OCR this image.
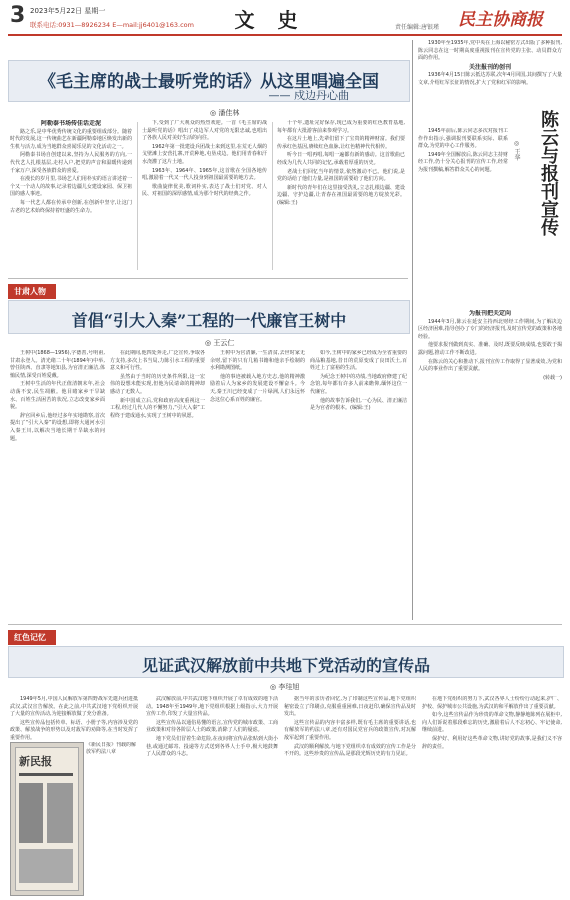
3 2023年5月22日 星期一
联系电话:0931—8926234 E—mail:jj6401@163.com	文 史	责任编辑:唐银瑾 民主协商报
《毛主席的战士最听党的话》从这里唱遍全国
—— 戍边丹心曲
◎ 潘佳林

阿勒泰书场传佳话走泥

路之乐,是中华优秀传统文化的重要组成部分。随着时代的发展,这一传统曲艺在新疆阿勒泰地区焕发出新的生机与活力,成为当地群众喜闻乐见的文化活动之一。

阿勒泰书场自创建以来,坚持为人民服务的方向,一代代艺人扎根基层,走村入户,把党的声音和温暖传递到千家万户,深受各族群众的喜爱。

在漫长的岁月里,书场艺人们用朴实的语言讲述着一个又一个动人的故事,记录着边疆儿女建设家园、保卫祖国的感人事迹。

每一代艺人都在传承中创新,在创新中坚守,让这门古老的艺术始终保持着旺盛的生命力。

下,受到了广大观众的热烈欢迎。一首《毛主席的战士最听党的话》唱出了戍边军人对党的无限忠诚,也唱出了各族人民对美好生活的向往。

1962年第一批建设兵团战士来到这里,在荒无人烟的戈壁滩上安营扎寨,开荒种地,屯垦戍边。他们用青春和汗水浇灌了这片土地。

1963年、1964年、1965年,这首歌在全国各地传唱,激励着一代又一代人投身到祖国最需要的地方去。

歌曲旋律优美,歌词朴实,表达了战士们对党、对人民、对祖国的深厚感情,成为那个时代的经典之作。

十个年,遗址完好保存,现已成为重要的红色教育基地,每年都有大批游客前来参观学习。

在这片土地上,先辈们留下了宝贵的精神财富。我们要传承红色基因,赓续红色血脉,让红色精神代代相传。

听今日一唱再唱,每唱一遍都有新的感动。这首歌曲已经成为几代人共同的记忆,承载着厚重的历史。

老战士们回忆当年的情景,依然激动不已。他们说,是党的话给了他们力量,是祖国的需要给了他们方向。

新时代的青年们在这里接受洗礼,立志扎根边疆、建设边疆、守护边疆,让青春在祖国最需要的地方绽放光彩。(编辑:王)

1930年至1935年,党中央在上海以秘密方式出版了多种报刊,陈云同志在这一时期高度重视报刊在宣传党的主张、动员群众方面的作用。

关注报刊的创刊

1936年4月15日陈云抵达苏联,次年4月回国,其间撰写了大量文章,介绍红军长征的情况,扩大了党和红军的影响。

陈云与报刊宣传
◎ 王华

1945年前后,陈云同志多次对报刊工作作出指示,强调报刊要联系实际、联系群众,为党的中心工作服务。

1949年全国解放后,陈云同志主持财经工作,仍十分关心报刊的宣传工作,经常为报刊撰稿,解答群众关心的问题。

为报刊把关定向

1944年3月,陈云在延安主持西北财经工作期间,为了解决边区经济困难,指导创办了专门的经济报刊,及时宣传党的政策和各地经验。

他要求报刊做到真实、准确、及时,既要反映成绩,也要敢于揭露问题,推动工作不断改进。

在陈云的关心和推动下,报刊宣传工作取得了显著成效,为党和人民的事业作出了重要贡献。

(转载一)

甘肃人物
首倡“引大入秦”工程的一代廉官王树中
◎ 王云仁

王树中(1868—1956),字德善,号明甫,甘肃永登人。清光绪二十年(1894年)中举,曾任陕西、直隶等地知县,为官清正廉洁,体恤民情,深受百姓爱戴。

王树中生活的年代正值清朝末年,社会动荡不安,民生凋敝。他目睹家乡干旱缺水、百姓生活困苦的状况,立志改变家乡面貌。

辞官回乡后,他经过多年实地勘察,首次提出了“引大入秦”的设想,即将大通河水引入秦王川,以解决当地长期干旱缺水的问题。

在此期间,他四处奔走,广泛宣传,争取各方支持,多次上书当局,力陈引水工程的重要意义和可行性。

虽然由于当时的历史条件所限,这一宏伟的设想未能实现,但他为民请命的精神却感动了无数人。

新中国成立后,党和政府高度重视这一工程,经过几代人的不懈努力,“引大入秦”工程终于建成通水,实现了王树中的夙愿。

王树中为官清廉,一生清贫,去世时家无余财,留下的只有几箱书籍和他亲手绘制的水利勘测图纸。

他的事迹被载入地方史志,他的精神激励着后人为家乡的发展建设不懈奋斗。今天,秦王川已经变成了一片绿洲,人们永远怀念这位心系百姓的廉官。

如今,王树中的家乡已经成为全省重要的商品粮基地,昔日的荒原变成了良田沃土,百姓过上了富裕的生活。

为纪念王树中的功绩,当地政府修建了纪念馆,每年都有许多人前来瞻仰,缅怀这位一代廉官。

他的故事告诉我们,一心为民、清正廉洁是为官者的根本。(编辑:王)

红色记忆
见证武汉解放前中共地下党活动的宣传品
◎ 李珪旭

1949年5月,中国人民解放军第四野战军先遣兵团进抵武汉,武汉宣告解放。在此之前,中共武汉地下党组织开展了大量的宣传活动,为迎接解放做了充分准备。

这些宣传品包括传单、标语、小册子等,内容涉及党的政策、解放战争的形势以及对敌军的劝降等,在当时发挥了重要作用。

新民报
《新民日报》刊载的解放军约法八章

武汉解放前,中共武汉地下组织开展了卓有成效的地下活动。1948年至1949年,地下党组织根据上级指示,大力开展宣传工作,印发了大量宣传品。

这些宣传品以通俗易懂的语言,宣传党的城市政策、工商业政策和对待各阶层人士的政策,消除了人们的疑虑。

地下党员们冒着生命危险,在夜间将宣传品张贴到大街小巷,或通过邮寄、投递等方式送到各界人士手中,极大地鼓舞了人民群众的斗志。

据当年的亲历者回忆,为了印制这些宣传品,地下党组织秘密设立了印刷点,克服重重困难,日夜赶印,确保宣传品及时发出。

这些宣传品的内容丰富多样,既有毛主席的重要讲话,也有解放军的约法八章,还有对国民党官兵的政策宣传,对瓦解敌军起到了重要作用。

武汉的顺利解放,与地下党组织卓有成效的宣传工作是分不开的。这些珍贵的宣传品,是那段光辉历史的有力见证。

在地下党组织的努力下,武汉各界人士纷纷行动起来,护厂、护校、保护城市公共设施,为武汉的和平解放作出了重要贡献。

如今,这些宣传品作为珍贵的革命文物,静静地陈列在展柜中,向人们诉说着那段难忘的历史,激励着后人不忘初心、牢记使命,继续前进。

保护好、利用好这些革命文物,讲好党的故事,是我们义不容辞的责任。
